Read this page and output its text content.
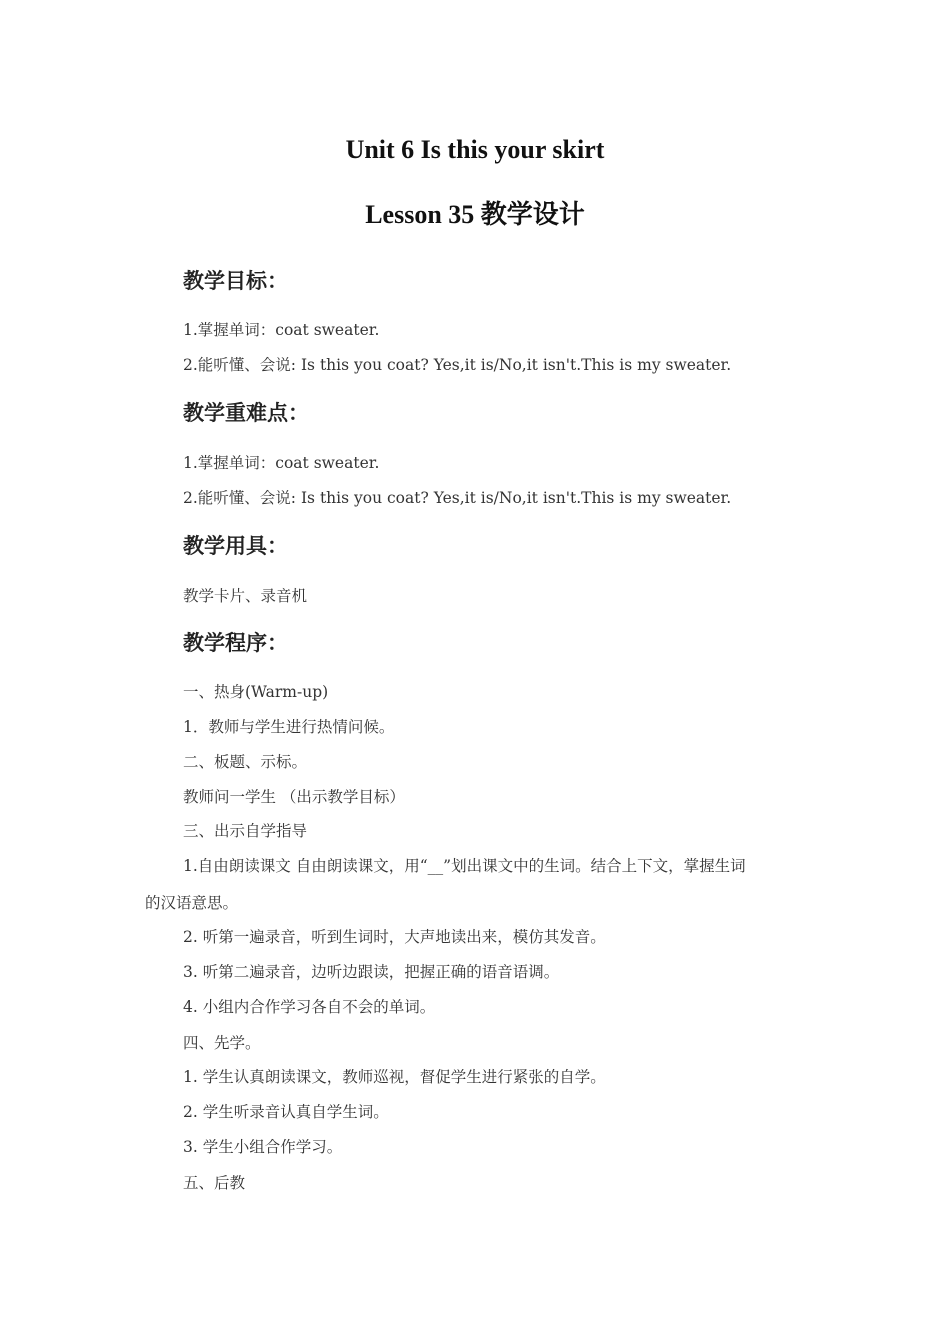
Unit 6 Is this your skirt
Lesson 35 教学设计
教学目标：

1.掌握单词：coat sweater.

2.能听懂、会说: Is this you coat? Yes,it is/No,it isn't.This is my sweater.

教学重难点：

1.掌握单词：coat sweater.

2.能听懂、会说: Is this you coat? Yes,it is/No,it isn't.This is my sweater.

教学用具：

教学卡片、录音机

教学程序：

一、热身(Warm-up)

1．教师与学生进行热情问候。

二、板题、示标。

教师问一学生 （出示教学目标）

三、出示自学指导

1.自由朗读课文 自由朗读课文，用“__”划出课文中的生词。结合上下文，掌握生词

的汉语意思。

2. 听第一遍录音，听到生词时，大声地读出来，模仿其发音。

3. 听第二遍录音，边听边跟读，把握正确的语音语调。

4. 小组内合作学习各自不会的单词。

四、先学。

1. 学生认真朗读课文，教师巡视，督促学生进行紧张的自学。

2. 学生听录音认真自学生词。

3. 学生小组合作学习。

五、后教
